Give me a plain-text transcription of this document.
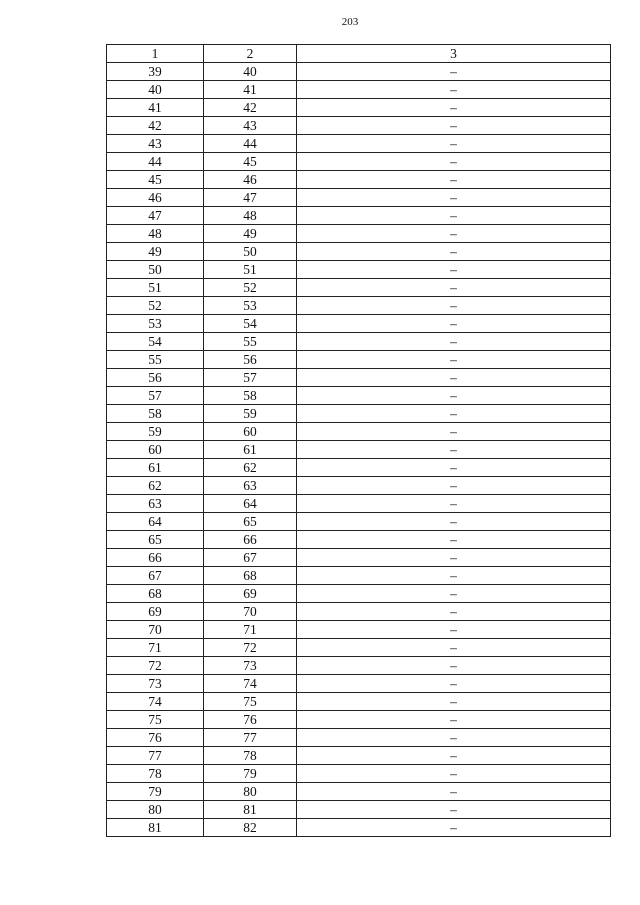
203
1	2	3
39	40	–
40	41	–
41	42	–
42	43	–
43	44	–
44	45	–
45	46	–
46	47	–
47	48	–
48	49	–
49	50	–
50	51	–
51	52	–
52	53	–
53	54	–
54	55	–
55	56	–
56	57	–
57	58	–
58	59	–
59	60	–
60	61	–
61	62	–
62	63	–
63	64	–
64	65	–
65	66	–
66	67	–
67	68	–
68	69	–
69	70	–
70	71	–
71	72	–
72	73	–
73	74	–
74	75	–
75	76	–
76	77	–
77	78	–
78	79	–
79	80	–
80	81	–
81	82	–
